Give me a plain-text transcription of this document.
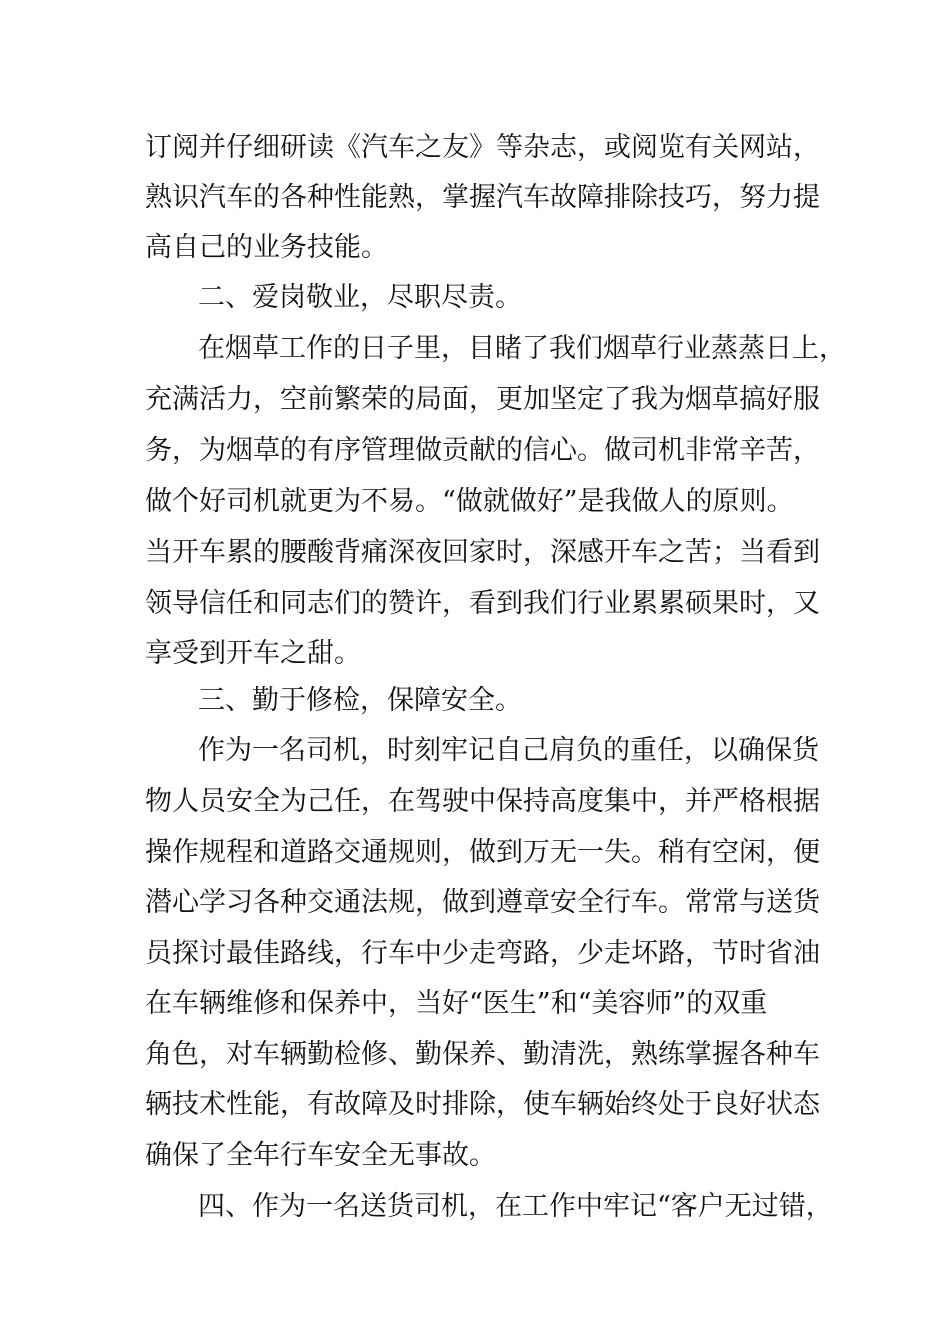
订阅并仔细研读《汽车之友》等杂志，或阅览有关网站，
熟识汽车的各种性能熟，掌握汽车故障排除技巧，努力提
高自己的业务技能。
二、爱岗敬业，尽职尽责。
在烟草工作的日子里，目睹了我们烟草行业蒸蒸日上，
充满活力，空前繁荣的局面，更加坚定了我为烟草搞好服
务，为烟草的有序管理做贡献的信心。做司机非常辛苦，
做个好司机就更为不易。“做就做好”是我做人的原则。
当开车累的腰酸背痛深夜回家时，深感开车之苦；当看到
领导信任和同志们的赞许，看到我们行业累累硕果时，又
享受到开车之甜。
三、勤于修检，保障安全。
作为一名司机，时刻牢记自己肩负的重任，以确保货
物人员安全为己任，在驾驶中保持高度集中，并严格根据
操作规程和道路交通规则，做到万无一失。稍有空闲，便
潜心学习各种交通法规，做到遵章安全行车。常常与送货
员探讨最佳路线，行车中少走弯路，少走坏路，节时省油
在车辆维修和保养中，当好“医生”和“美容师”的双重
角色，对车辆勤检修、勤保养、勤清洗，熟练掌握各种车
辆技术性能，有故障及时排除，使车辆始终处于良好状态
确保了全年行车安全无事故。
四、作为一名送货司机，在工作中牢记“客户无过错，
